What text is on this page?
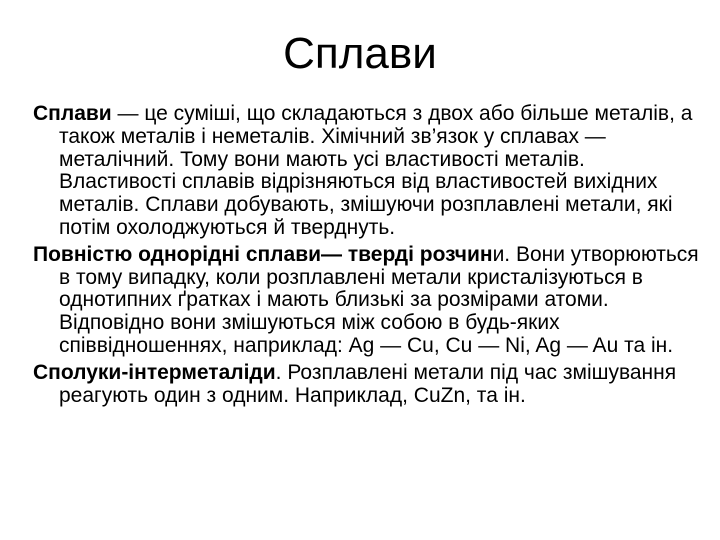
Сплави

Сплави — це суміші, що складаються з двох або більше металів, а також металів і неметалів. Хімічний зв’язок у сплавах — металічний. Тому вони мають усі властивості металів. Властивості сплавів відрізняються від властивостей вихідних металів. Сплави добувають, змішуючи розплавлені метали, які потім охолоджуються й тверднуть.

Повністю однорідні сплави— тверді розчини. Вони утворюються в тому випадку, коли розплавлені метали кристалізуються в однотипних ґратках і мають близькі за розмірами атоми. Відповідно вони змішуються між собою в будь-яких співвідношеннях, наприклад: Ag — Cu, Cu — Ni, Ag — Au та ін.

Сполуки-інтерметаліди. Розплавлені метали під час змішування реагують один з одним. Наприклад, CuZn, та ін.
